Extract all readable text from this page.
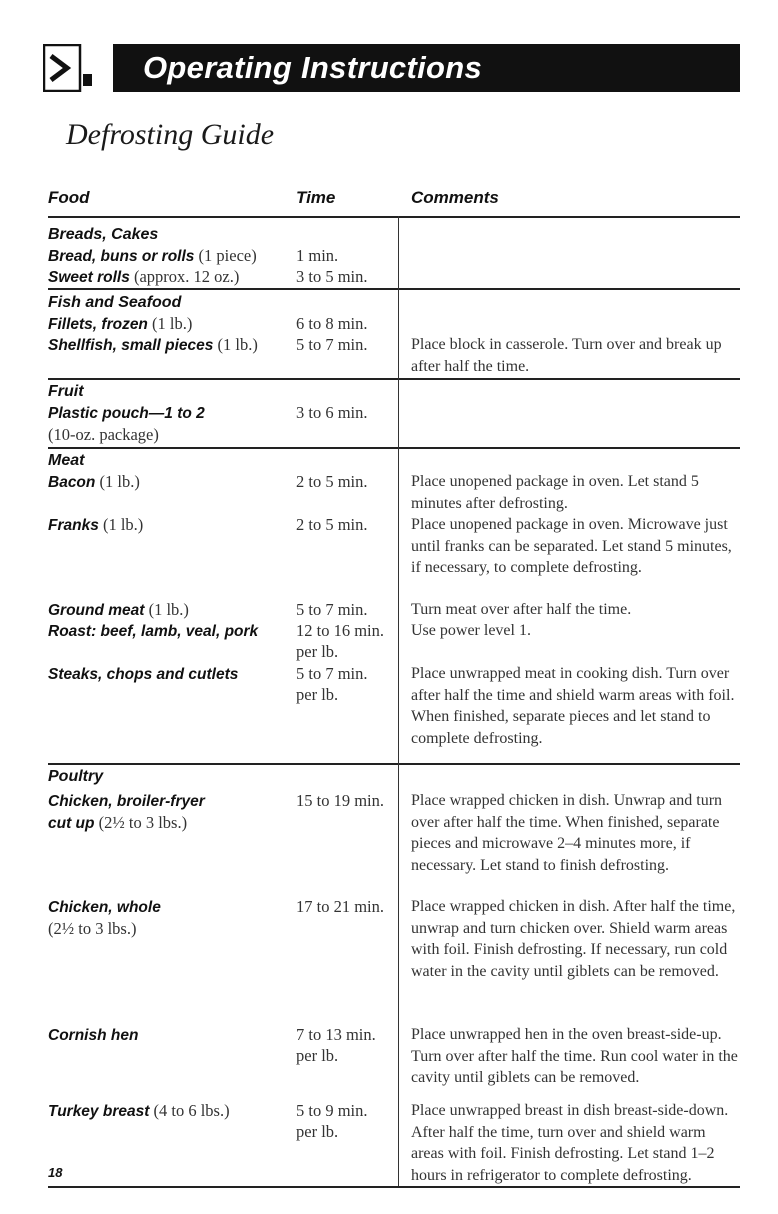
Operating Instructions
Defrosting Guide
Food	Time	Comments
Breads, Cakes
Bread, buns or rolls (1 piece) 1 min.
Sweet rolls (approx. 12 oz.)	3 to 5 min.
Fish and Seafood
Fillets, frozen (1 lb.)	6 to 8 min.
Shellfish, small pieces (1 lb.) 5 to 7 min.	Place block in casserole. Turn over and break up after half the time.
Fruit
Plastic pouch—1 to 2
(10-oz. package)
3 to 6 min.
Meat
Bacon (1 lb.)	2 to 5 min.	Place unopened package in oven. Let stand 5 minutes after defrosting.
Franks (1 lb.)	2 to 5 min.	Place unopened package in oven. Microwave just until franks can be separated. Let stand 5 minutes, if necessary, to complete defrosting.
Ground meat (1 lb.)	5 to 7 min.	Turn meat over after half the time.
Roast: beef, lamb, veal, pork 12 to 16 min.
per lb.
Use power level 1.
Steaks, chops and cutlets	5 to 7 min.
per lb.
Place unwrapped meat in cooking dish. Turn over after half the time and shield warm areas with foil. When finished, separate pieces and let stand to complete defrosting.
Poultry
Chicken, broiler-fryer
cut up (2½ to 3 lbs.)
15 to 19 min. Place wrapped chicken in dish. Unwrap and turn over after half the time. When finished, separate pieces and microwave 2–4 minutes more, if necessary. Let stand to finish defrosting.
Chicken, whole
(2½ to 3 lbs.)
17 to 21 min. Place wrapped chicken in dish. After half the time, unwrap and turn chicken over. Shield warm areas with foil. Finish defrosting. If necessary, run cold water in the cavity until giblets can be removed.
Cornish hen	7 to 13 min.
per lb.
Place unwrapped hen in the oven breast-side-up. Turn over after half the time. Run cool water in the cavity until giblets can be removed.
Turkey breast (4 to 6 lbs.)	5 to 9 min.
per lb.
Place unwrapped breast in dish breast-side-down. After half the time, turn over and shield warm areas with foil. Finish defrosting. Let stand 1–2 hours in refrigerator to complete defrosting.
18
